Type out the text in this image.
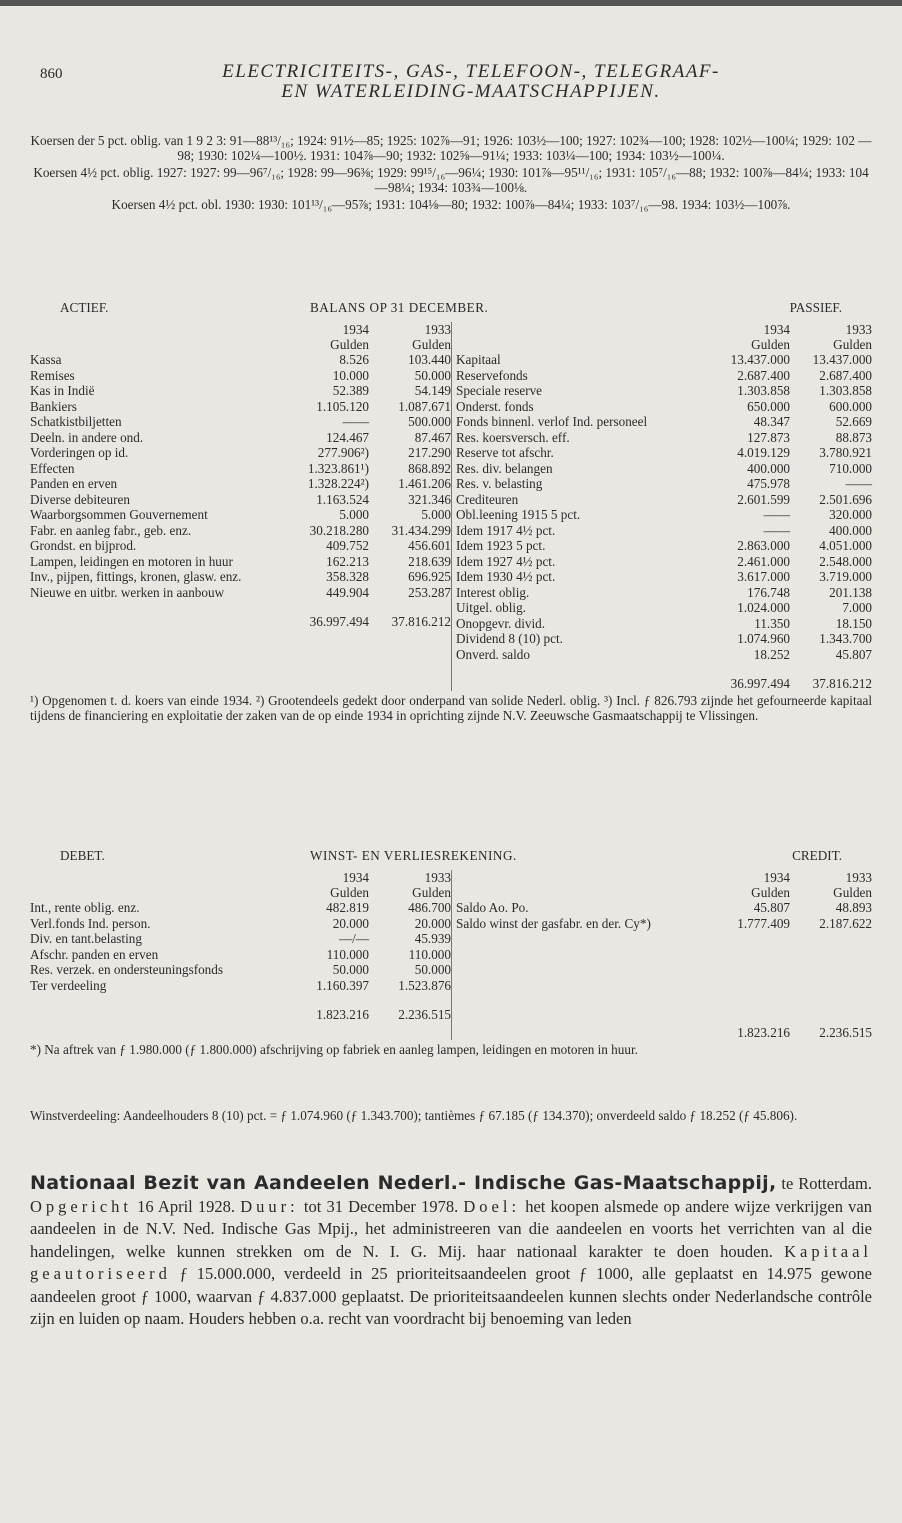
860	ELECTRICITEITS-, GAS-, TELEFOON-, TELEGRAAF-
EN WATERLEIDING-MAATSCHAPPIJEN.

Koersen der 5 pct. oblig. van 1 9 2 3: 91—88¹³/₁₆; 1924: 91½—85; 1925: 102⅞—91; 1926: 103½—100; 1927: 102¾—100; 1928: 102½—100¼; 1929: 102 —98; 1930: 102¼—100½. 1931: 104⅞—90; 1932: 102⅝—91¼; 1933: 103¼—100; 1934: 103½—100¼.

Koersen 4½ pct. oblig. 1927: 1927: 99—96⁷/₁₆; 1928: 99—96⅜; 1929: 99¹⁵/₁₆—96¼; 1930: 101⅞—95¹¹/₁₆; 1931: 105⁷/₁₆—88; 1932: 100⅞—84¼; 1933: 104—98¼; 1934: 103¾—100⅛.

Koersen 4½ pct. obl. 1930: 1930: 101¹³/₁₆—95⅞; 1931: 104⅛—80; 1932: 100⅞—84¼; 1933: 103⁷/₁₆—98. 1934: 103½—100⅞.

ACTIEF.	BALANS OP 31 DECEMBER.	PASSIEF.
1934	1933
Gulden	Gulden
Kassa	8.526	103.440
Remises	10.000	50.000
Kas in Indië	52.389	54.149
Bankiers	1.105.120	1.087.671
Schatkistbiljetten	——	500.000
Deeln. in andere ond.	124.467	87.467
Vorderingen op id.	277.906²)	217.290
Effecten	1.323.861¹)	868.892
Panden en erven	1.328.224²)	1.461.206
Diverse debiteuren	1.163.524	321.346
Waarborgsommen Gouvernement	5.000	5.000
Fabr. en aanleg fabr., geb. enz.	30.218.280	31.434.299
Grondst. en bijprod.	409.752	456.601
Lampen, leidingen en motoren in huur	162.213	218.639
Inv., pijpen, fittings, kronen, glasw. enz.	358.328	696.925
Nieuwe en uitbr. werken in aanbouw	449.904	253.287
36.997.494	37.816.212
1934	1933
Gulden	Gulden
Kapitaal	13.437.000	13.437.000
Reservefonds	2.687.400	2.687.400
Speciale reserve	1.303.858	1.303.858
Onderst. fonds	650.000	600.000
Fonds binnenl. verlof Ind. personeel	48.347	52.669
Res. koersversch. eff.	127.873	88.873
Reserve tot afschr.	4.019.129	3.780.921
Res. div. belangen	400.000	710.000
Res. v. belasting	475.978	——
Crediteuren	2.601.599	2.501.696
Obl.leening 1915 5 pct.	——	320.000
Idem 1917 4½ pct.	——	400.000
Idem 1923 5 pct.	2.863.000	4.051.000
Idem 1927 4½ pct.	2.461.000	2.548.000
Idem 1930 4½ pct.	3.617.000	3.719.000
Interest oblig.	176.748	201.138
Uitgel. oblig.	1.024.000	7.000
Onopgevr. divid.	11.350	18.150
Dividend 8 (10) pct.	1.074.960	1.343.700
Onverd. saldo	18.252	45.807
36.997.494	37.816.212
¹) Opgenomen t. d. koers van einde 1934. ²) Grootendeels gedekt door onderpand van solide Nederl. oblig. ³) Incl. ƒ 826.793 zijnde het gefourneerde kapitaal tijdens de financiering en exploitatie der zaken van de op einde 1934 in oprichting zijnde N.V. Zeeuwsche Gasmaatschappij te Vlissingen.
DEBET.	WINST- EN VERLIESREKENING.	CREDIT.
1934	1933
Gulden	Gulden
Int., rente oblig. enz.	482.819	486.700
Verl.fonds Ind. person.	20.000	20.000
Div. en tant.belasting	—/—	45.939
Afschr. panden en erven	110.000	110.000
Res. verzek. en ondersteuningsfonds	50.000	50.000
Ter verdeeling	1.160.397	1.523.876
1.823.216	2.236.515
1934	1933
Gulden	Gulden
Saldo Ao. Po.	45.807	48.893
Saldo winst der gasfabr. en der. Cy*)	1.777.409	2.187.622
1.823.216	2.236.515
*) Na aftrek van ƒ 1.980.000 (ƒ 1.800.000) afschrijving op fabriek en aanleg lampen, leidingen en motoren in huur.
Winstverdeeling: Aandeelhouders 8 (10) pct. = ƒ 1.074.960 (ƒ 1.343.700); tantièmes ƒ 67.185 (ƒ 134.370); onverdeeld saldo ƒ 18.252 (ƒ 45.806).
Nationaal Bezit van Aandeelen Nederl.- Indische Gas-Maatschappij, te Rotterdam. Opgericht 16 April 1928. Duur: tot 31 December 1978. Doel: het koopen alsmede op andere wijze verkrijgen van aandeelen in de N.V. Ned. Indische Gas Mpij., het administreeren van die aandeelen en voorts het verrichten van al die handelingen, welke kunnen strekken om de N. I. G. Mij. haar nationaal karakter te doen houden. Kapitaal geautoriseerd ƒ 15.000.000, verdeeld in 25 prioriteitsaandeelen groot ƒ 1000, alle geplaatst en 14.975 gewone aandeelen groot ƒ 1000, waarvan ƒ 4.837.000 geplaatst. De prioriteitsaandeelen kunnen slechts onder Nederlandsche contrôle zijn en luiden op naam. Houders hebben o.a. recht van voordracht bij benoeming van leden
